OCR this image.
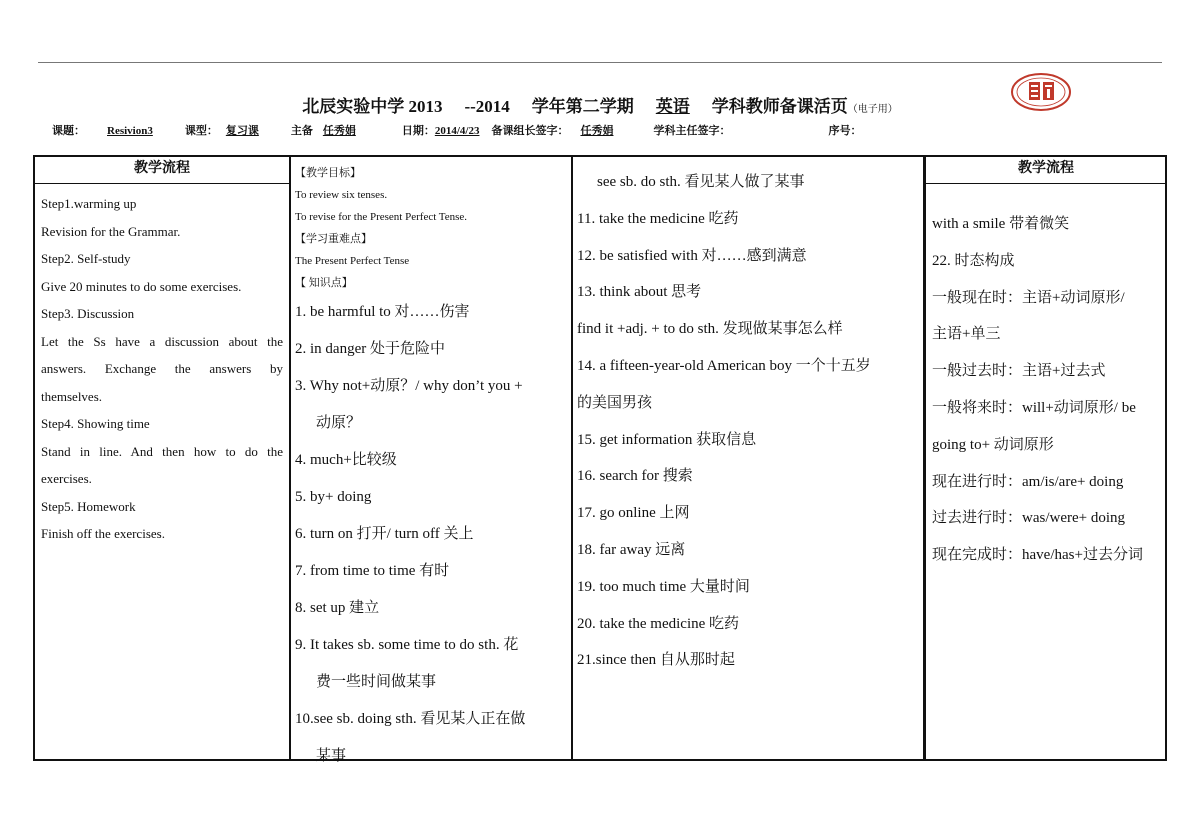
北辰实验中学 2013 --2014 学年第二学期 英语 学科教师备课活页（电子用）
课题： Resivion3	课型： 复习课	主备 任秀娟	日期：2014/4/23 备课组长签字： 任秀娟	学科主任签字：	序号：
教学流程
Step1.warming up
Revision for the Grammar.
Step2. Self-study
Give 20 minutes to do some exercises.
Step3. Discussion
Let the Ss have a discussion about the
answers. Exchange the answers by
themselves.
Step4. Showing time
Stand in line. And then how to do the
exercises.
Step5. Homework
Finish off the exercises.
【教学目标】
To review six tenses.
To revise for the Present Perfect Tense.
【学习重难点】
The Present Perfect Tense
【 知识点】
1. be harmful to 对……伤害
2. in danger 处于危险中
3. Why not+动原？/ why don’t you +
动原？
4. much+比较级
5. by+ doing
6. turn on 打开/ turn off 关上
7. from time to time 有时
8. set up 建立
9. It takes sb. some time to do sth. 花
费一些时间做某事
10.see sb. doing sth. 看见某人正在做
某事
see sb. do sth. 看见某人做了某事
11. take the medicine 吃药
12. be satisfied with 对……感到满意
13. think about 思考
find it +adj. + to do sth. 发现做某事怎么样
14. a fifteen-year-old American boy 一个十五岁
的美国男孩
15. get information 获取信息
16. search for 搜索
17. go online 上网
18. far away 远离
19. too much time 大量时间
20. take the medicine 吃药
21.since then 自从那时起
教学流程
with a smile 带着微笑
22. 时态构成
一般现在时：主语+动词原形/
主语+单三
一般过去时：主语+过去式
一般将来时：will+动词原形/ be
going to+ 动词原形
现在进行时：am/is/are+ doing
过去进行时：was/were+ doing
现在完成时：have/has+过去分词
